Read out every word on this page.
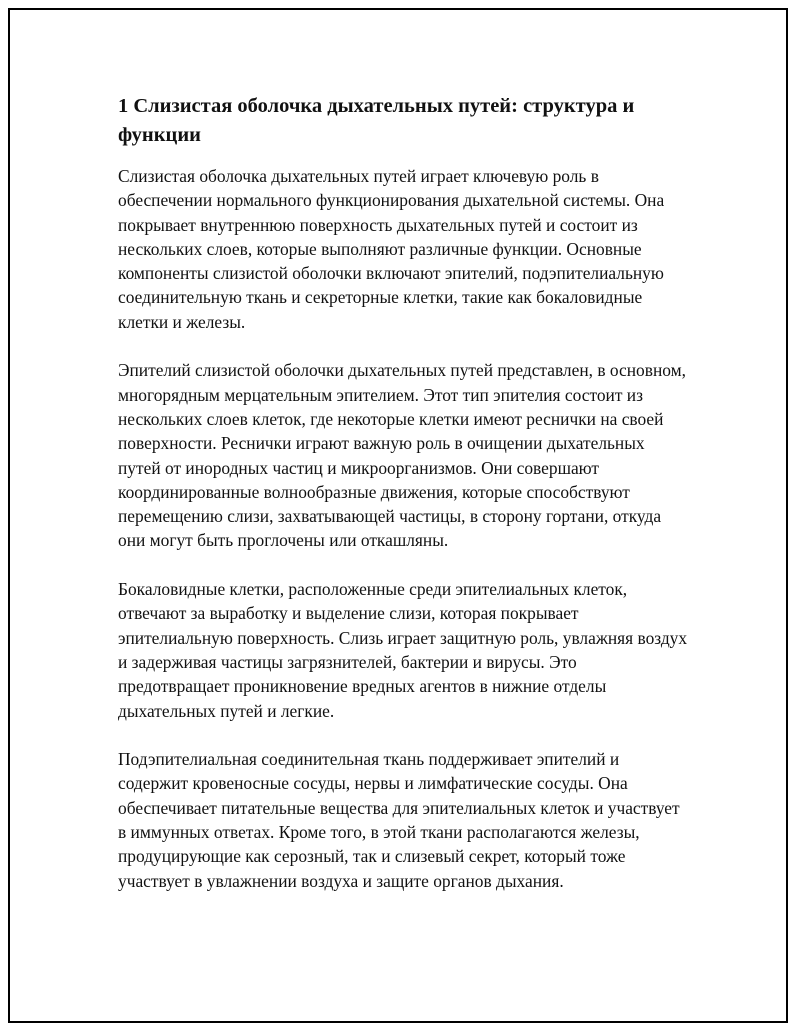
1 Слизистая оболочка дыхательных путей: структура и функции

Слизистая оболочка дыхательных путей играет ключевую роль в обеспечении нормального функционирования дыхательной системы. Она покрывает внутреннюю поверхность дыхательных путей и состоит из нескольких слоев, которые выполняют различные функции. Основные компоненты слизистой оболочки включают эпителий, подэпителиальную соединительную ткань и секреторные клетки, такие как бокаловидные клетки и железы.

Эпителий слизистой оболочки дыхательных путей представлен, в основном, многорядным мерцательным эпителием. Этот тип эпителия состоит из нескольких слоев клеток, где некоторые клетки имеют реснички на своей поверхности. Реснички играют важную роль в очищении дыхательных путей от инородных частиц и микроорганизмов. Они совершают координированные волнообразные движения, которые способствуют перемещению слизи, захватывающей частицы, в сторону гортани, откуда они могут быть проглочены или откашляны.

Бокаловидные клетки, расположенные среди эпителиальных клеток, отвечают за выработку и выделение слизи, которая покрывает эпителиальную поверхность. Слизь играет защитную роль, увлажняя воздух и задерживая частицы загрязнителей, бактерии и вирусы. Это предотвращает проникновение вредных агентов в нижние отделы дыхательных путей и легкие.

Подэпителиальная соединительная ткань поддерживает эпителий и содержит кровеносные сосуды, нервы и лимфатические сосуды. Она обеспечивает питательные вещества для эпителиальных клеток и участвует в иммунных ответах. Кроме того, в этой ткани располагаются железы, продуцирующие как серозный, так и слизевый секрет, который тоже участвует в увлажнении воздуха и защите органов дыхания.
